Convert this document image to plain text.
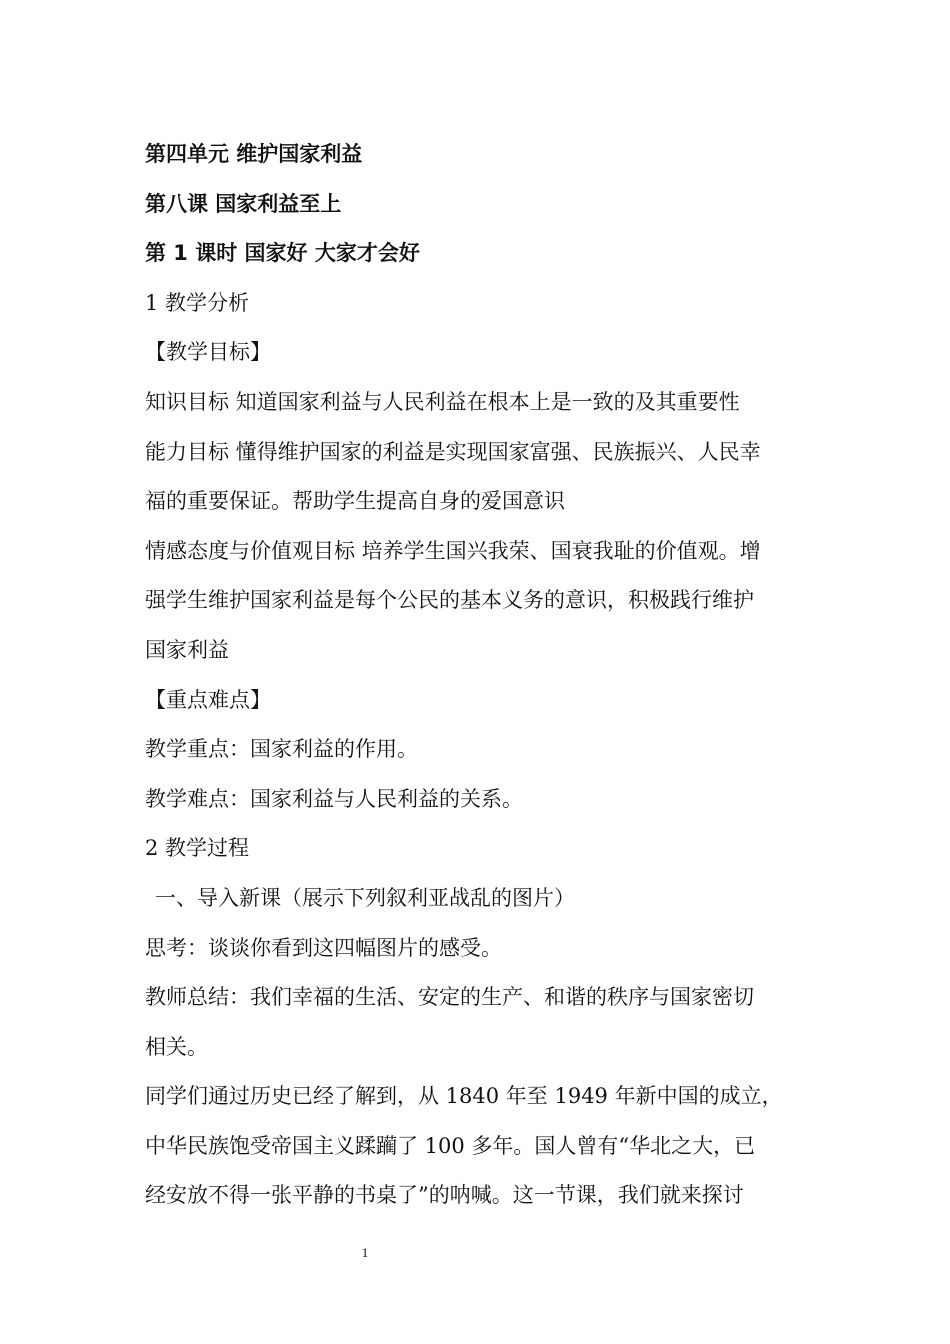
第四单元 维护国家利益
第八课 国家利益至上
第 1 课时 国家好 大家才会好
1 教学分析
【教学目标】
知识目标 知道国家利益与人民利益在根本上是一致的及其重要性
能力目标 懂得维护国家的利益是实现国家富强、民族振兴、人民幸
福的重要保证。帮助学生提高自身的爱国意识
情感态度与价值观目标 培养学生国兴我荣、国衰我耻的价值观。增
强学生维护国家利益是每个公民的基本义务的意识，积极践行维护
国家利益
【重点难点】
教学重点：国家利益的作用。
教学难点：国家利益与人民利益的关系。
2 教学过程
一、导入新课（展示下列叙利亚战乱的图片）
思考：谈谈你看到这四幅图片的感受。
教师总结：我们幸福的生活、安定的生产、和谐的秩序与国家密切
相关。
同学们通过历史已经了解到，从 1840 年至 1949 年新中国的成立，
中华民族饱受帝国主义蹂躏了 100 多年。国人曾有“华北之大，已
经安放不得一张平静的书桌了”的呐喊。这一节课，我们就来探讨
1
